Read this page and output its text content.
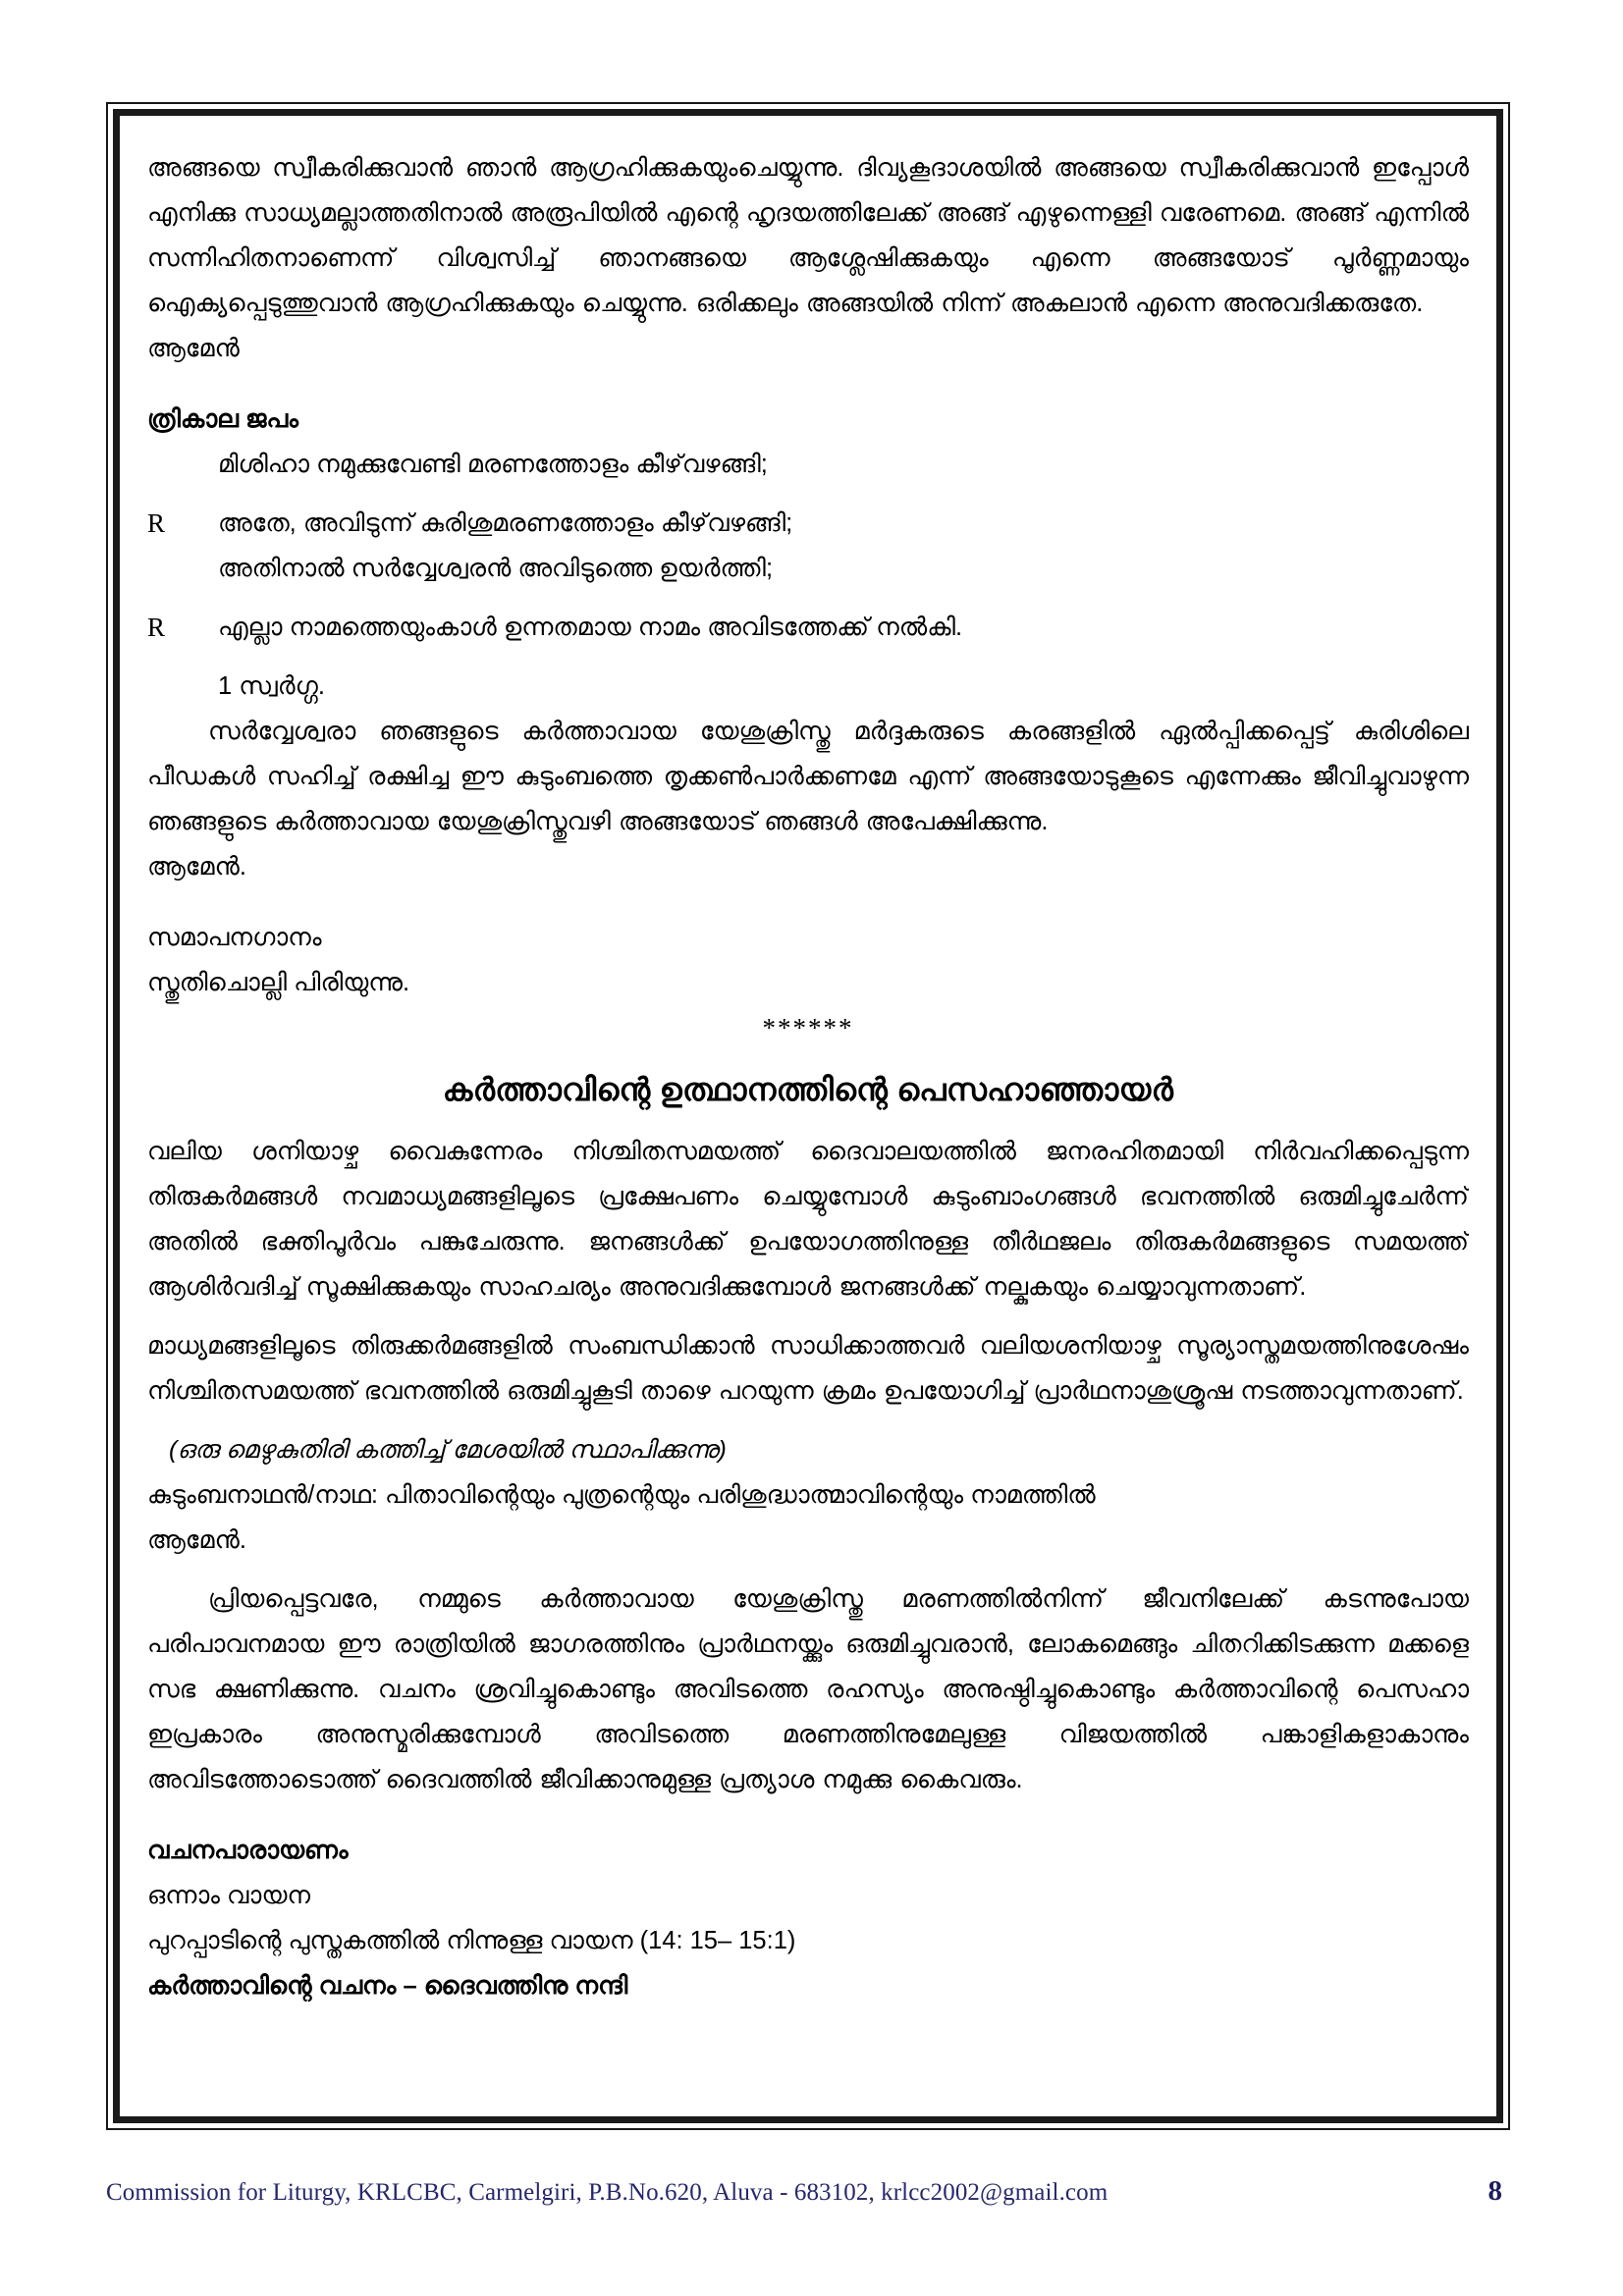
അങ്ങയെ സ്വീകരിക്കുവാൻ ഞാൻ ആഗ്രഹിക്കുകയുംചെയ്യുന്നു. ദിവ്യകൂദാശയിൽ അങ്ങയെ സ്വീകരിക്കുവാൻ ഇപ്പോൾ എനിക്കു സാധ്യമല്ലാത്തതിനാൽ അരൂപിയിൽ എന്റെ ഹൃദയത്തിലേക്ക് അങ്ങ് എഴുന്നെള്ളി വരേണമെ. അങ്ങ് എന്നിൽ സന്നിഹിതനാണെന്ന് വിശ്വസിച്ച് ഞാനങ്ങയെ ആശ്ലേഷിക്കുകയും എന്നെ അങ്ങയോട് പൂർണ്ണമായും ഐക്യപ്പെടുത്തുവാൻ ആഗ്രഹിക്കുകയും ചെയ്യുന്നു. ഒരിക്കലും അങ്ങയിൽ നിന്ന് അകലാൻ എന്നെ അനുവദിക്കരുതേ.

ആമേൻ

ത്രികാല ജപം

മിശിഹാ നമുക്കുവേണ്ടി മരണത്തോളം കീഴ്‌വഴങ്ങി;
R	അതേ, അവിടുന്ന് കുരിശുമരണത്തോളം കീഴ്‌വഴങ്ങി;
അതിനാൽ സർവ്വേശ്വരൻ അവിടുത്തെ ഉയർത്തി;
R	എല്ലാ നാമത്തെയുംകാൾ ഉന്നതമായ നാമം അവിടത്തേക്ക് നൽകി.

1 സ്വർഗ്ഗ.

സർവ്വേശ്വരാ ഞങ്ങളുടെ കർത്താവായ യേശുക്രിസ്തു മർദ്ദകരുടെ കരങ്ങളിൽ ഏൽപ്പിക്കപ്പെട്ട് കുരിശിലെ പീഡകൾ സഹിച്ച് രക്ഷിച്ച ഈ കുടുംബത്തെ തൃക്കൺപാർക്കണമേ എന്ന് അങ്ങയോടുകൂടെ എന്നേക്കും ജീവിച്ചുവാഴുന്ന ഞങ്ങളുടെ കർത്താവായ യേശുക്രിസ്തുവഴി അങ്ങയോട് ഞങ്ങൾ അപേക്ഷിക്കുന്നു.

ആമേൻ.

സമാപനഗാനം

സ്തുതിചൊല്ലി പിരിയുന്നു.

******

കർത്താവിന്റെ ഉത്ഥാനത്തിന്റെ പെസഹാഞ്ഞായർ

വലിയ ശനിയാഴ്ച വൈകുന്നേരം നിശ്ചിതസമയത്ത് ദൈവാലയത്തിൽ ജനരഹിതമായി നിർവഹിക്കപ്പെടുന്ന തിരുകർമങ്ങൾ നവമാധ്യമങ്ങളിലൂടെ പ്രക്ഷേപണം ചെയ്യുമ്പോൾ കുടുംബാംഗങ്ങൾ ഭവനത്തിൽ ഒരുമിച്ചുചേർന്ന് അതിൽ ഭക്തിപൂർവം പങ്കുചേരുന്നു. ജനങ്ങൾക്ക് ഉപയോഗത്തിനുള്ള തീർഥജലം തിരുകർമങ്ങളുടെ സമയത്ത് ആശിർവദിച്ച് സൂക്ഷിക്കുകയും സാഹചര്യം അനുവദിക്കുമ്പോൾ ജനങ്ങൾക്ക് നല്കുകയും ചെയ്യാവുന്നതാണ്.

മാധ്യമങ്ങളിലൂടെ തിരുക്കർമങ്ങളിൽ സംബന്ധിക്കാൻ സാധിക്കാത്തവർ വലിയശനിയാഴ്ച സൂര്യാസ്തമയത്തിനുശേഷം നിശ്ചിതസമയത്ത് ഭവനത്തിൽ ഒരുമിച്ചുകൂടി താഴെ പറയുന്ന ക്രമം ഉപയോഗിച്ച് പ്രാർഥനാശുശ്രൂഷ നടത്താവുന്നതാണ്.

(ഒരു മെഴുകുതിരി കത്തിച്ച് മേശയിൽ സ്ഥാപിക്കുന്നു)

കുടുംബനാഥൻ/നാഥ: പിതാവിന്റെയും പുത്രന്റെയും പരിശുദ്ധാത്മാവിന്റെയും നാമത്തിൽ

ആമേൻ.

പ്രിയപ്പെട്ടവരേ, നമ്മുടെ കർത്താവായ യേശുക്രിസ്തു മരണത്തിൽനിന്ന് ജീവനിലേക്ക് കടന്നുപോയ പരിപാവനമായ ഈ രാത്രിയിൽ ജാഗരത്തിനും പ്രാർഥനയ്ക്കും ഒരുമിച്ചുവരാൻ, ലോകമെങ്ങും ചിതറിക്കിടക്കുന്ന മക്കളെ സഭ ക്ഷണിക്കുന്നു. വചനം ശ്രവിച്ചുകൊണ്ടും അവിടത്തെ രഹസ്യം അനുഷ്ഠിച്ചുകൊണ്ടും കർത്താവിന്റെ പെസഹാ ഇപ്രകാരം അനുസ്മരിക്കുമ്പോൾ അവിടത്തെ മരണത്തിനുമേലുള്ള വിജയത്തിൽ പങ്കാളികളാകാനും അവിടത്തോടൊത്ത് ദൈവത്തിൽ ജീവിക്കാനുമുള്ള പ്രത്യാശ നമുക്കു കൈവരും.

വചനപാരായണം

ഒന്നാം വായന

പുറപ്പാടിന്റെ പുസ്തകത്തിൽ നിന്നുള്ള വായന (14: 15– 15:1)

കർത്താവിന്റെ വചനം – ദൈവത്തിനു നന്ദി

Commission for Liturgy, KRLCBC, Carmelgiri, P.B.No.620, Aluva - 683102, krlcc2002@gmail.com	8
